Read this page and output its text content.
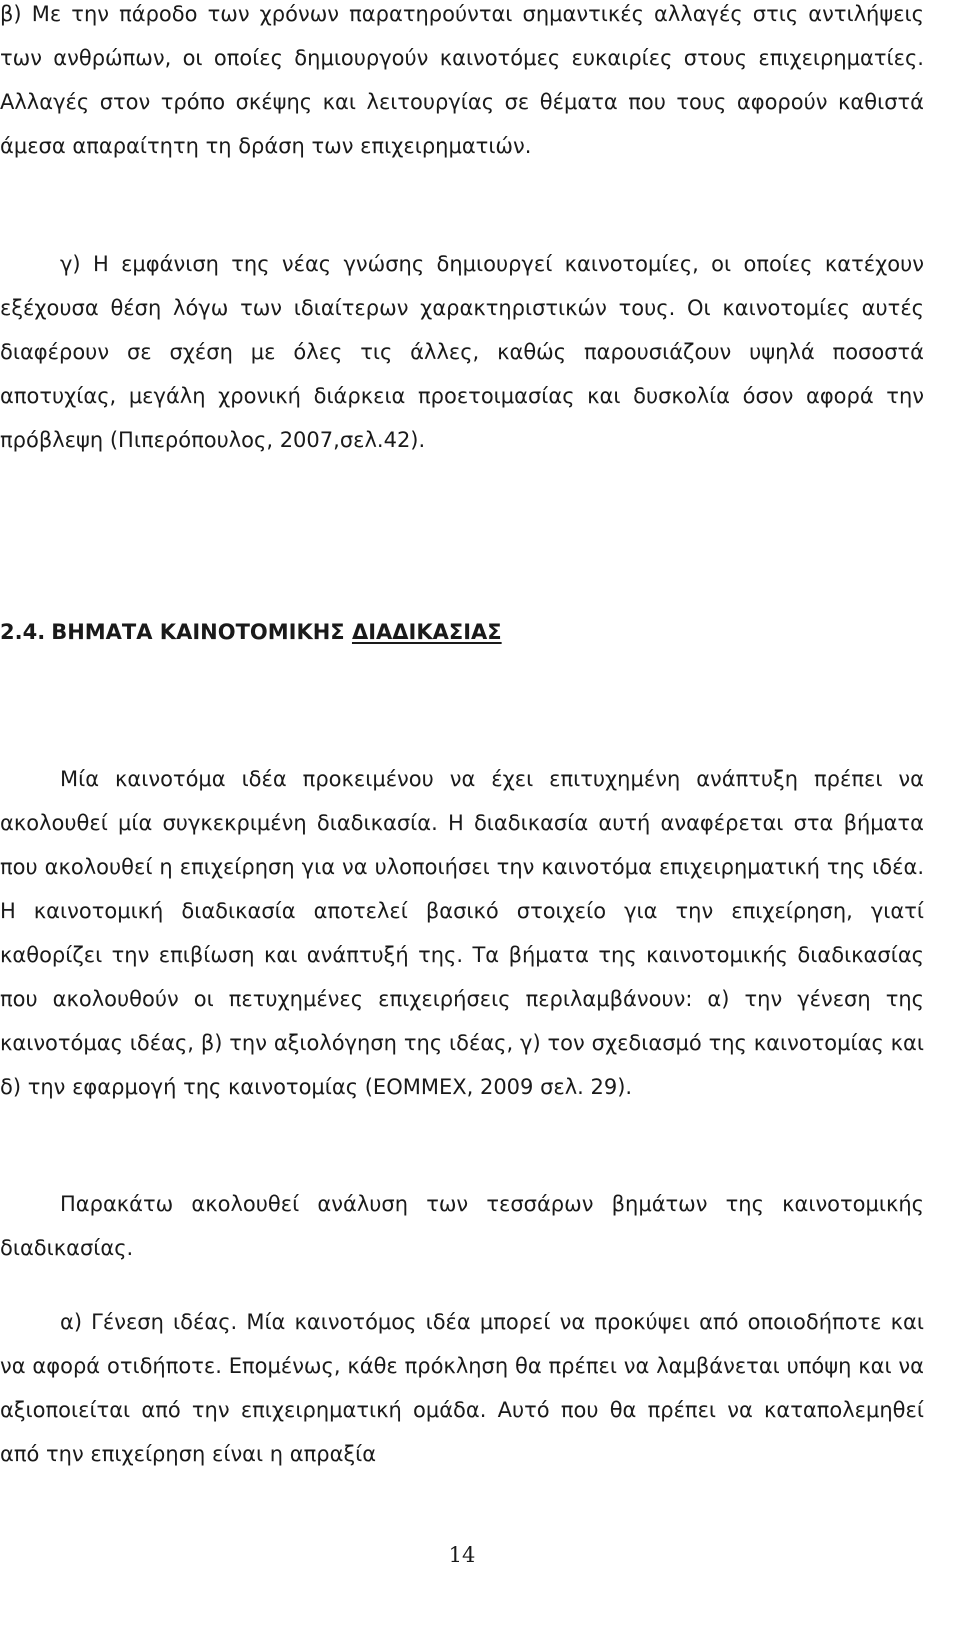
β) Με την πάροδο των χρόνων παρατηρούνται σημαντικές αλλαγές στις αντιλήψεις των ανθρώπων, οι οποίες δημιουργούν καινοτόμες ευκαιρίες στους επιχειρηματίες. Αλλαγές στον τρόπο σκέψης και λειτουργίας σε θέματα που τους αφορούν καθιστά άμεσα απαραίτητη τη δράση των επιχειρηματιών.

γ) Η εμφάνιση της νέας γνώσης δημιουργεί καινοτομίες, οι οποίες κατέχουν εξέχουσα θέση λόγω των ιδιαίτερων χαρακτηριστικών τους. Οι καινοτομίες αυτές διαφέρουν σε σχέση με όλες τις άλλες, καθώς παρουσιάζουν υψηλά ποσοστά αποτυχίας, μεγάλη χρονική διάρκεια προετοιμασίας και δυσκολία όσον αφορά την πρόβλεψη (Πιπερόπουλος, 2007,σελ.42).

2.4. ΒΗΜΑΤΑ ΚΑΙΝΟΤΟΜΙΚΗΣ ΔΙΑΔΙΚΑΣΙΑΣ

Μία καινοτόμα ιδέα προκειμένου να έχει επιτυχημένη ανάπτυξη πρέπει να ακολουθεί μία συγκεκριμένη διαδικασία. Η διαδικασία αυτή αναφέρεται στα βήματα που ακολουθεί η επιχείρηση για να υλοποιήσει την καινοτόμα επιχειρηματική της ιδέα. Η καινοτομική διαδικασία αποτελεί βασικό στοιχείο για την επιχείρηση, γιατί καθορίζει την επιβίωση και ανάπτυξή της. Τα βήματα της καινοτομικής διαδικασίας που ακολουθούν οι πετυχημένες επιχειρήσεις περιλαμβάνουν: α) την γένεση της καινοτόμας ιδέας, β) την αξιολόγηση της ιδέας, γ) τον σχεδιασμό της καινοτομίας και δ) την εφαρμογή της καινοτομίας (ΕΟΜΜΕΧ, 2009 σελ. 29).

Παρακάτω ακολουθεί ανάλυση των τεσσάρων βημάτων της καινοτομικής διαδικασίας.

α) Γένεση ιδέας. Μία καινοτόμος ιδέα μπορεί να προκύψει από οποιοδήποτε και να αφορά οτιδήποτε. Επομένως, κάθε πρόκληση θα πρέπει να λαμβάνεται υπόψη και να αξιοποιείται από την επιχειρηματική ομάδα. Αυτό που θα πρέπει να καταπολεμηθεί από την επιχείρηση είναι η απραξία

14
